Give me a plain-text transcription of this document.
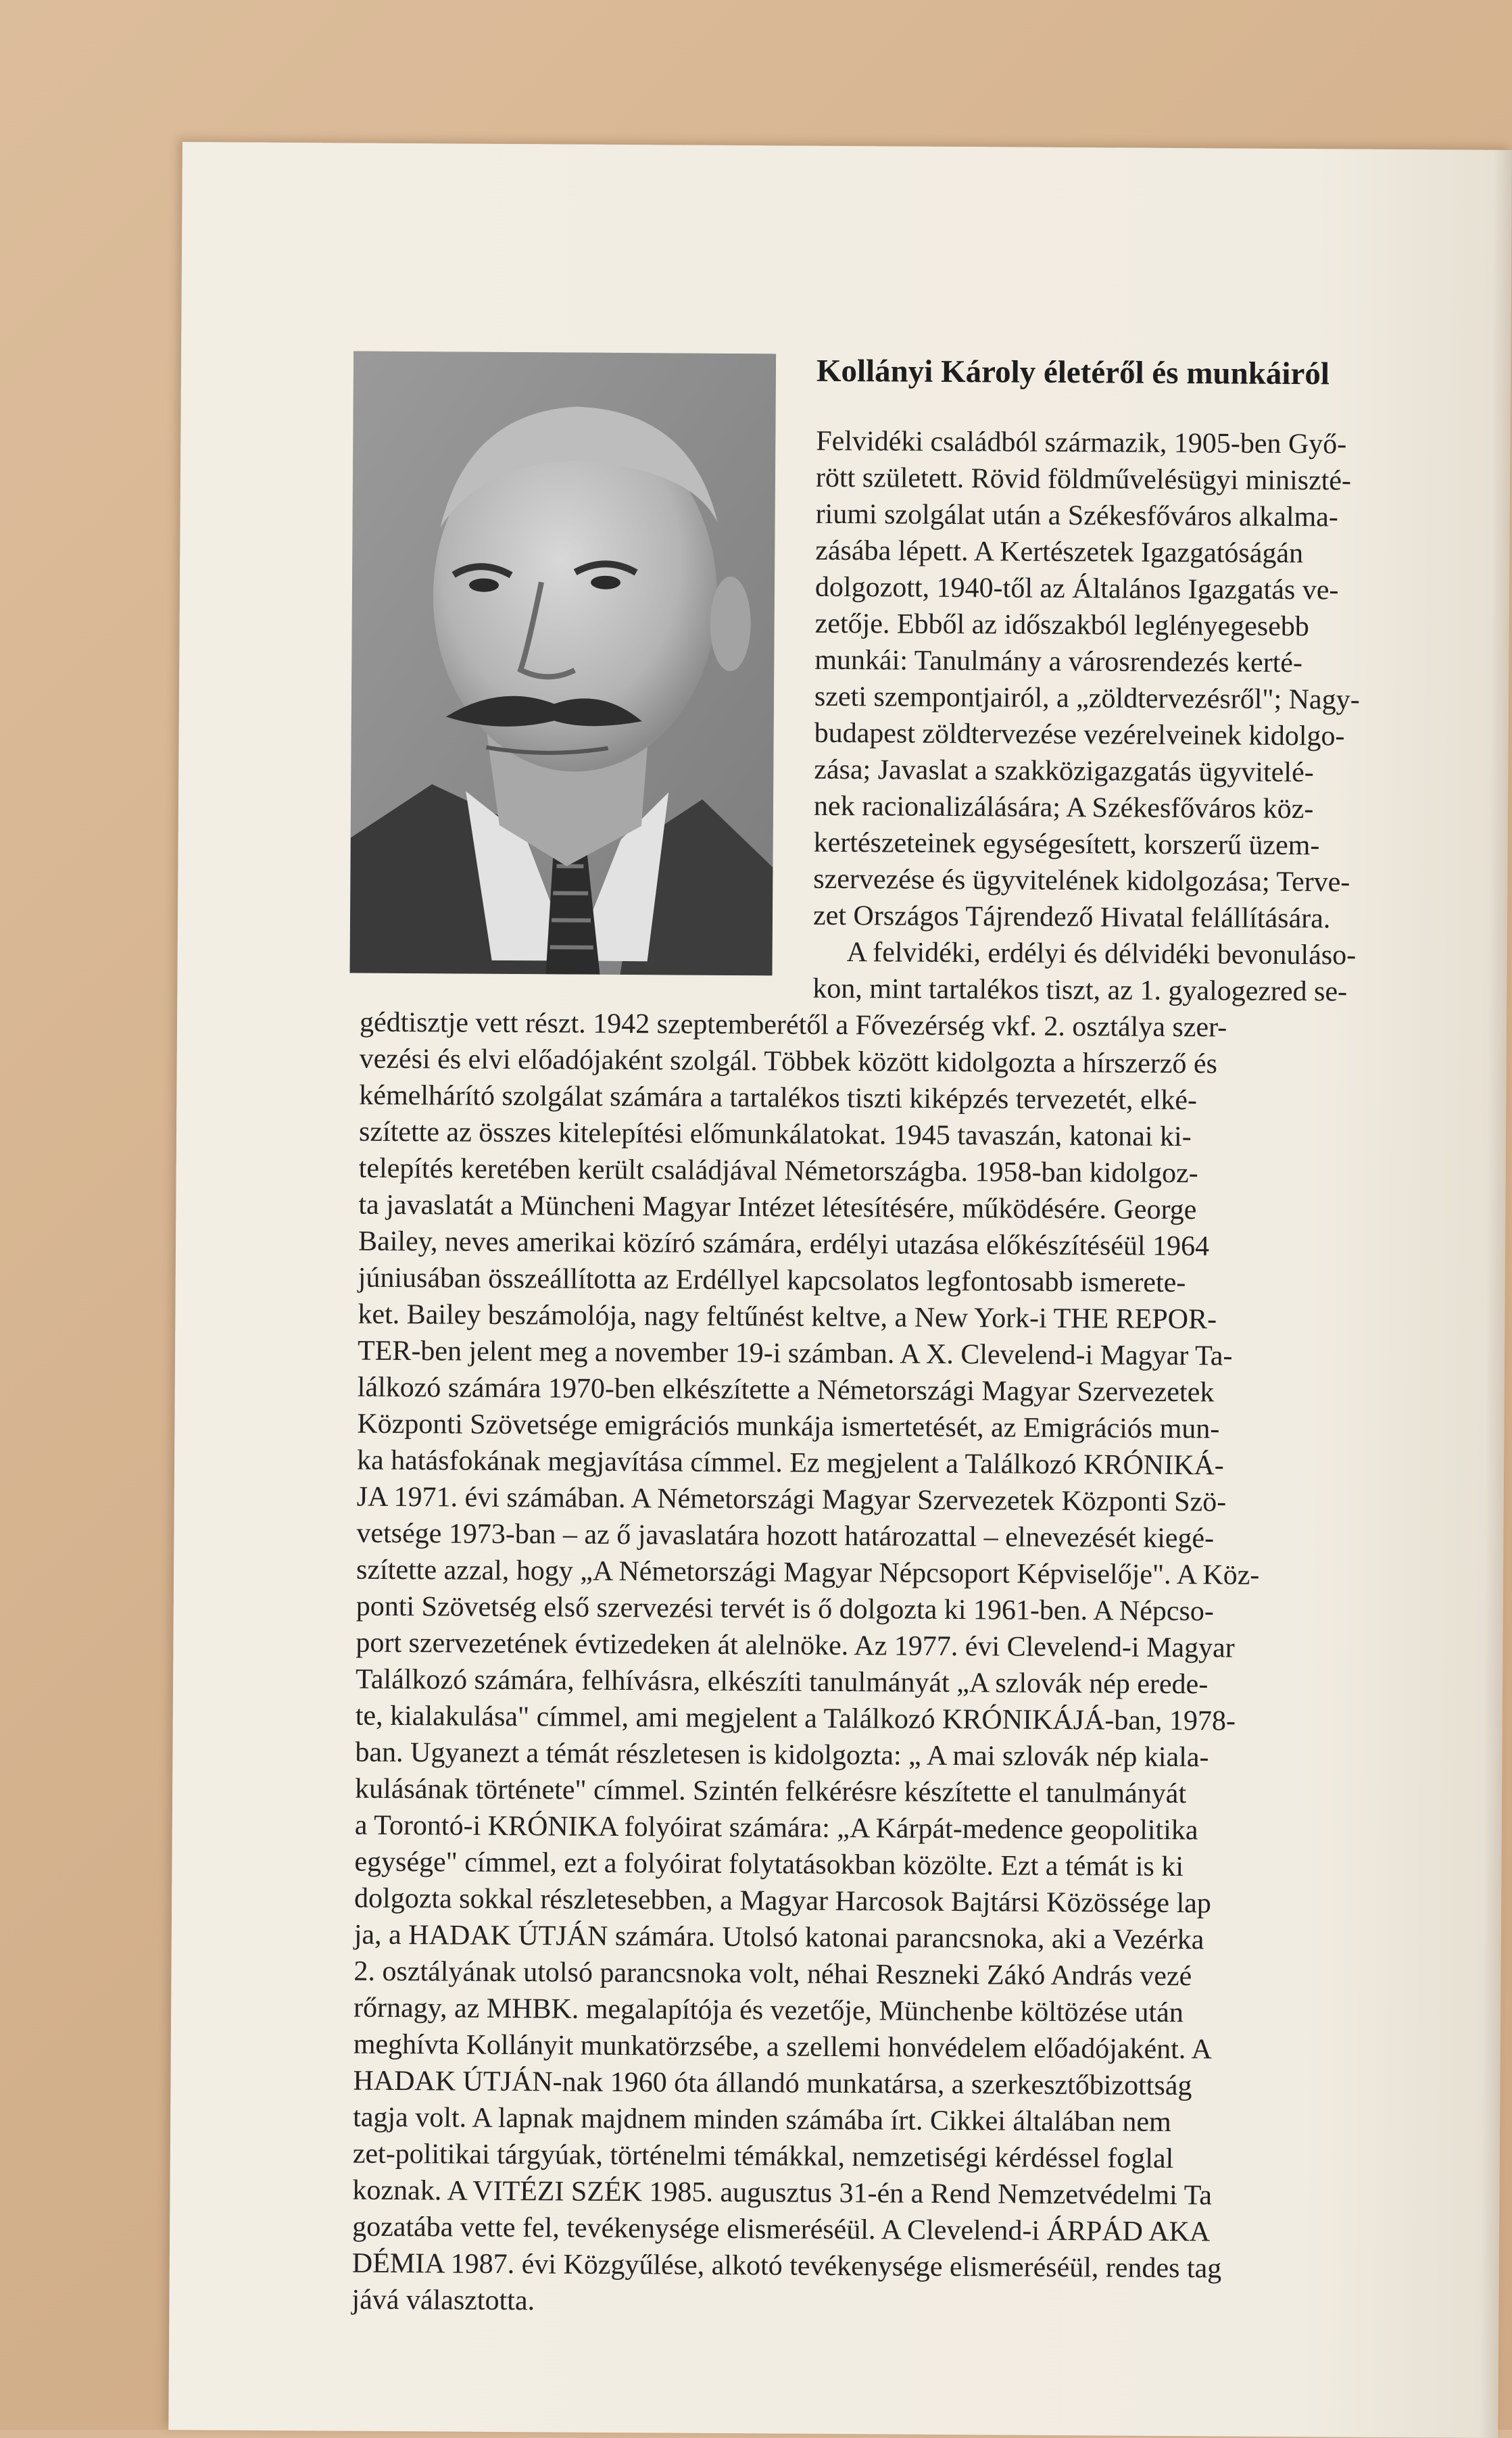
Kollányi Károly életéről és munkáiról
Felvidéki családból származik, 1905-ben Győ-
rött született. Rövid földművelésügyi miniszté-
riumi szolgálat után a Székesfőváros alkalma-
zásába lépett. A Kertészetek Igazgatóságán
dolgozott, 1940-től az Általános Igazgatás ve-
zetője. Ebből az időszakból leglényegesebb
munkái: Tanulmány a városrendezés kerté-
szeti szempontjairól, a „zöldtervezésről"; Nagy-
budapest zöldtervezése vezérelveinek kidolgo-
zása; Javaslat a szakközigazgatás ügyvitelé-
nek racionalizálására; A Székesfőváros köz-
kertészeteinek egységesített, korszerű üzem-
szervezése és ügyvitelének kidolgozása; Terve-
zet Országos Tájrendező Hivatal felállítására.
A felvidéki, erdélyi és délvidéki bevonuláso-
kon, mint tartalékos tiszt, az 1. gyalogezred se-
gédtisztje vett részt. 1942 szeptemberétől a Fővezérség vkf. 2. osztálya szer-
vezési és elvi előadójaként szolgál. Többek között kidolgozta a hírszerző és
kémelhárító szolgálat számára a tartalékos tiszti kiképzés tervezetét, elké-
szítette az összes kitelepítési előmunkálatokat. 1945 tavaszán, katonai ki-
telepítés keretében került családjával Németországba. 1958-ban kidolgoz-
ta javaslatát a Müncheni Magyar Intézet létesítésére, működésére. George
Bailey, neves amerikai közíró számára, erdélyi utazása előkészítéséül 1964
júniusában összeállította az Erdéllyel kapcsolatos legfontosabb ismerete-
ket. Bailey beszámolója, nagy feltűnést keltve, a New York-i THE REPOR-
TER-ben jelent meg a november 19-i számban. A X. Clevelend-i Magyar Ta-
lálkozó számára 1970-ben elkészítette a Németországi Magyar Szervezetek
Központi Szövetsége emigrációs munkája ismertetését, az Emigrációs mun-
ka hatásfokának megjavítása címmel. Ez megjelent a Találkozó KRÓNIKÁ-
JA 1971. évi számában. A Németországi Magyar Szervezetek Központi Szö-
vetsége 1973-ban – az ő javaslatára hozott határozattal – elnevezését kiegé-
szítette azzal, hogy „A Németországi Magyar Népcsoport Képviselője". A Köz-
ponti Szövetség első szervezési tervét is ő dolgozta ki 1961-ben. A Népcso-
port szervezetének évtizedeken át alelnöke. Az 1977. évi Clevelend-i Magyar
Találkozó számára, felhívásra, elkészíti tanulmányát „A szlovák nép erede-
te, kialakulása" címmel, ami megjelent a Találkozó KRÓNIKÁJÁ-ban, 1978-
ban. Ugyanezt a témát részletesen is kidolgozta: „ A mai szlovák nép kiala-
kulásának története" címmel. Szintén felkérésre készítette el tanulmányát
a Torontó-i KRÓNIKA folyóirat számára: „A Kárpát-medence geopolitika
egysége" címmel, ezt a folyóirat folytatásokban közölte. Ezt a témát is ki
dolgozta sokkal részletesebben, a Magyar Harcosok Bajtársi Közössége lap
ja, a HADAK ÚTJÁN számára. Utolsó katonai parancsnoka, aki a Vezérka
2. osztályának utolsó parancsnoka volt, néhai Reszneki Zákó András vezé
rőrnagy, az MHBK. megalapítója és vezetője, Münchenbe költözése után
meghívta Kollányit munkatörzsébe, a szellemi honvédelem előadójaként. A
HADAK ÚTJÁN-nak 1960 óta állandó munkatársa, a szerkesztőbizottság
tagja volt. A lapnak majdnem minden számába írt. Cikkei általában nem
zet-politikai tárgyúak, történelmi témákkal, nemzetiségi kérdéssel foglal
koznak. A VITÉZI SZÉK 1985. augusztus 31-én a Rend Nemzetvédelmi Ta
gozatába vette fel, tevékenysége elismeréséül. A Clevelend-i ÁRPÁD AKA
DÉMIA 1987. évi Közgyűlése, alkotó tevékenysége elismeréséül, rendes tag
jává választotta.
